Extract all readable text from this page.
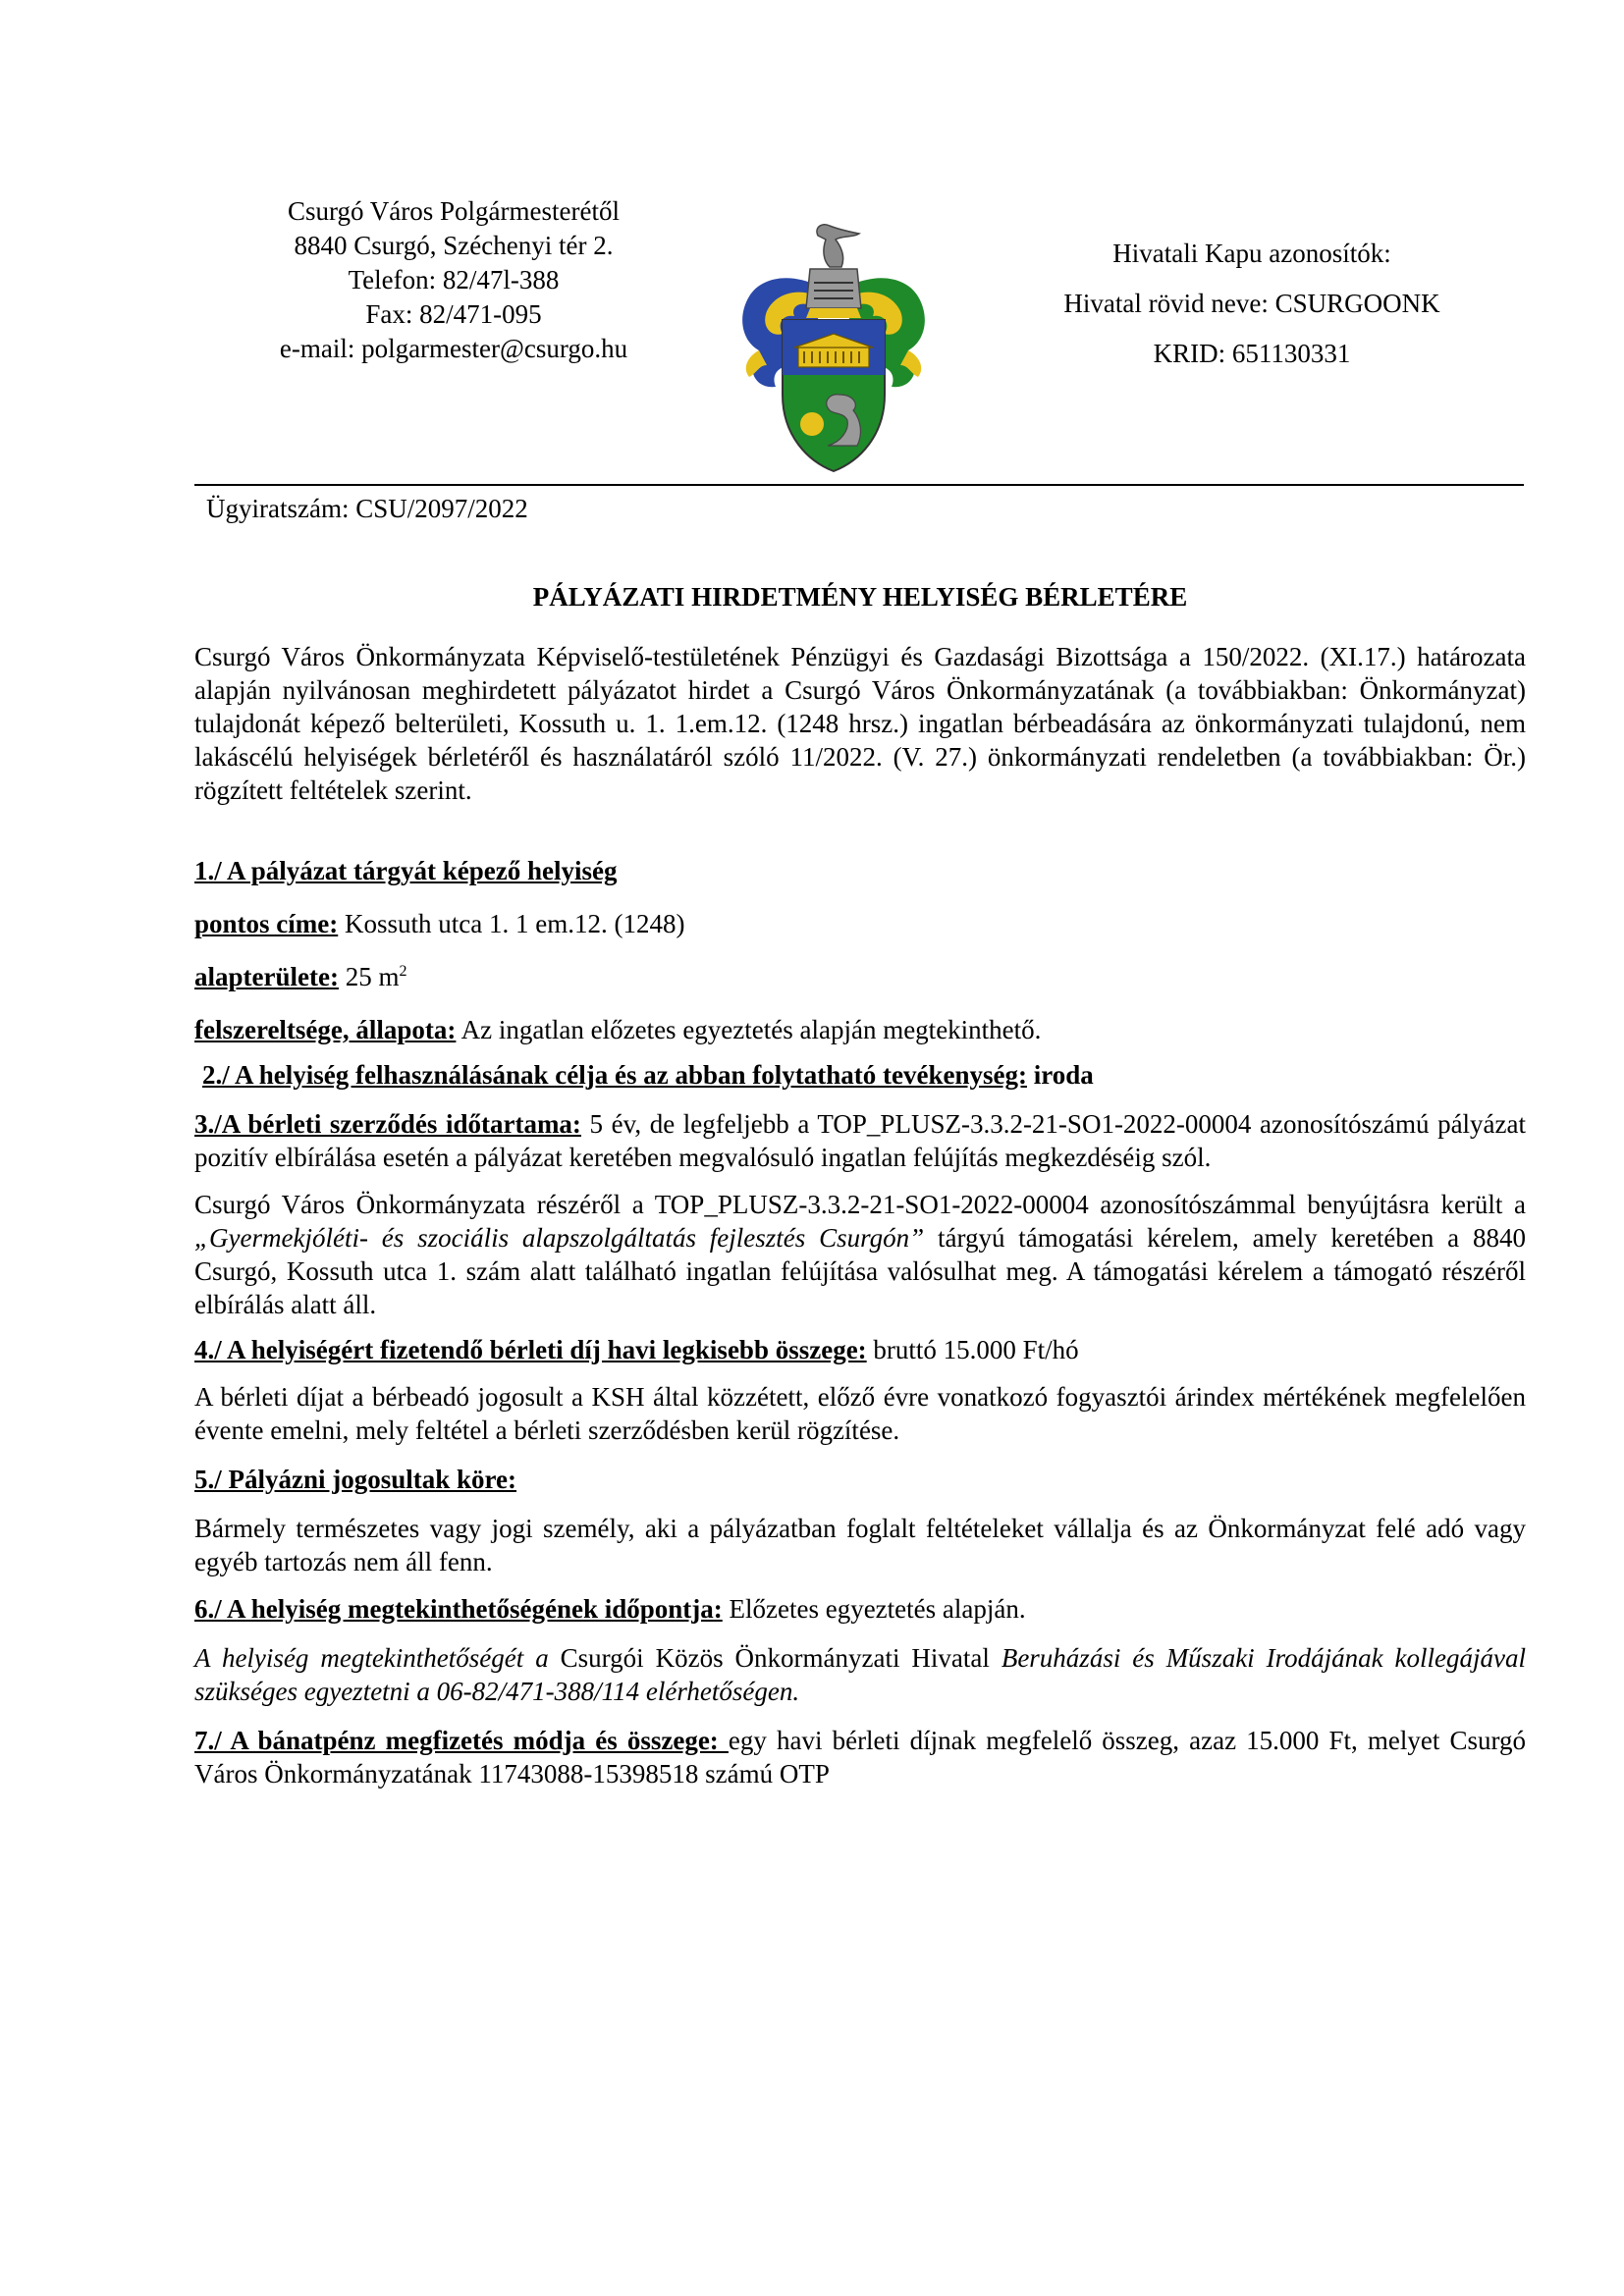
Csurgó Város Polgármesterétől
8840 Csurgó, Széchenyi tér 2.
Telefon: 82/47l-388
Fax: 82/471-095
e-mail: polgarmester@csurgo.hu
Hivatali Kapu azonosítók:
Hivatal rövid neve: CSURGOONK
KRID: 651130331
Ügyiratszám: CSU/2097/2022
PÁLYÁZATI HIRDETMÉNY HELYISÉG BÉRLETÉRE

Csurgó Város Önkormányzata Képviselő-testületének Pénzügyi és Gazdasági Bizottsága a 150/2022. (XI.17.) határozata alapján nyilvánosan meghirdetett pályázatot hirdet a Csurgó Város Önkormányzatának (a továbbiakban: Önkormányzat) tulajdonát képező belterületi, Kossuth u. 1. 1.em.12. (1248 hrsz.) ingatlan bérbeadására az önkormányzati tulajdonú, nem lakáscélú helyiségek bérletéről és használatáról szóló 11/2022. (V. 27.) önkormányzati rendeletben (a továbbiakban: Ör.) rögzített feltételek szerint.

1./ A pályázat tárgyát képező helyiség

pontos címe: Kossuth utca 1. 1 em.12. (1248)

alapterülete: 25 $m^2$

felszereltsége, állapota: Az ingatlan előzetes egyeztetés alapján megtekinthető.

2./ A helyiség felhasználásának célja és az abban folytatható tevékenység: iroda

3./A bérleti szerződés időtartama: 5 év, de legfeljebb a TOP_PLUSZ-3.3.2-21-SO1-2022-00004 azonosítószámú pályázat pozitív elbírálása esetén a pályázat keretében megvalósuló ingatlan felújítás megkezdéséig szól.

Csurgó Város Önkormányzata részéről a TOP_PLUSZ-3.3.2-21-SO1-2022-00004 azonosítószámmal benyújtásra került a „Gyermekjóléti- és szociális alapszolgáltatás fejlesztés Csurgón” tárgyú támogatási kérelem, amely keretében a 8840 Csurgó, Kossuth utca 1. szám alatt található ingatlan felújítása valósulhat meg. A támogatási kérelem a támogató részéről elbírálás alatt áll.

4./ A helyiségért fizetendő bérleti díj havi legkisebb összege: bruttó 15.000 Ft/hó

A bérleti díjat a bérbeadó jogosult a KSH által közzétett, előző évre vonatkozó fogyasztói árindex mértékének megfelelően évente emelni, mely feltétel a bérleti szerződésben kerül rögzítése.

5./ Pályázni jogosultak köre:

Bármely természetes vagy jogi személy, aki a pályázatban foglalt feltételeket vállalja és az Önkormányzat felé adó vagy egyéb tartozás nem áll fenn.

6./ A helyiség megtekinthetőségének időpontja: Előzetes egyeztetés alapján.

A helyiség megtekinthetőségét a Csurgói Közös Önkormányzati Hivatal Beruházási és Műszaki Irodájának kollegájával szükséges egyeztetni a 06-82/471-388/114 elérhetőségen.

7./ A bánatpénz megfizetés módja és összege: egy havi bérleti díjnak megfelelő összeg, azaz 15.000 Ft, melyet Csurgó Város Önkormányzatának 11743088-15398518 számú OTP
